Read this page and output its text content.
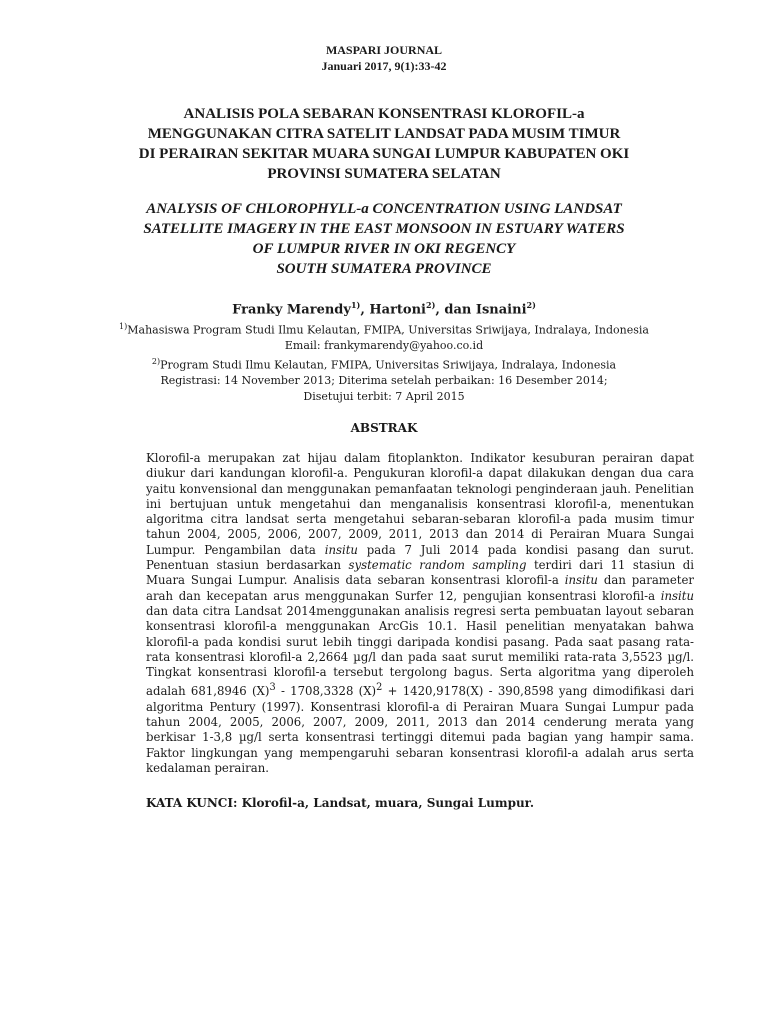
MASPARI JOURNAL
Januari 2017, 9(1):33-42
ANALISIS POLA SEBARAN KONSENTRASI KLOROFIL-a
MENGGUNAKAN CITRA SATELIT LANDSAT PADA MUSIM TIMUR
DI PERAIRAN SEKITAR MUARA SUNGAI LUMPUR KABUPATEN OKI
PROVINSI SUMATERA SELATAN
ANALYSIS OF CHLOROPHYLL-a CONCENTRATION USING LANDSAT
SATELLITE IMAGERY IN THE EAST MONSOON IN ESTUARY WATERS
OF LUMPUR RIVER IN OKI REGENCY
SOUTH SUMATERA PROVINCE
Franky Marendy$^{1)}$, Hartoni$^{2)}$, dan Isnaini$^{2)}$
$^{1)}$Mahasiswa Program Studi Ilmu Kelautan, FMIPA, Universitas Sriwijaya, Indralaya, Indonesia
Email: frankymarendy@yahoo.co.id
$^{2)}$Program Studi Ilmu Kelautan, FMIPA, Universitas Sriwijaya, Indralaya, Indonesia
Registrasi: 14 November 2013; Diterima setelah perbaikan: 16 Desember 2014;
Disetujui terbit: 7 April 2015
ABSTRAK

Klorofil-a merupakan zat hijau dalam fitoplankton. Indikator kesuburan perairan dapat diukur dari kandungan klorofil-a. Pengukuran klorofil-a dapat dilakukan dengan dua cara yaitu konvensional dan menggunakan pemanfaatan teknologi penginderaan jauh. Penelitian ini bertujuan untuk mengetahui dan menganalisis konsentrasi klorofil-a, menentukan algoritma citra landsat serta mengetahui sebaran-sebaran klorofil-a pada musim timur tahun 2004, 2005, 2006, 2007, 2009, 2011, 2013 dan 2014 di Perairan Muara Sungai Lumpur. Pengambilan data insitu pada 7 Juli 2014 pada kondisi pasang dan surut. Penentuan stasiun berdasarkan systematic random sampling terdiri dari 11 stasiun di Muara Sungai Lumpur. Analisis data sebaran konsentrasi klorofil-a insitu dan parameter arah dan kecepatan arus menggunakan Surfer 12, pengujian konsentrasi klorofil-a insitu dan data citra Landsat 2014menggunakan analisis regresi serta pembuatan layout sebaran konsentrasi klorofil-a menggunakan ArcGis 10.1. Hasil penelitian menyatakan bahwa klorofil-a pada kondisi surut lebih tinggi daripada kondisi pasang. Pada saat pasang rata-rata konsentrasi klorofil-a 2,2664 µg/l dan pada saat surut memiliki rata-rata 3,5523 µg/l. Tingkat konsentrasi klorofil-a tersebut tergolong bagus. Serta algoritma yang diperoleh adalah 681,8946 $(X)^3 - 1708,3328$ $(X)^2 + 1420,9178(X) - 390,8598$ yang dimodifikasi dari algoritma Pentury (1997). Konsentrasi klorofil-a di Perairan Muara Sungai Lumpur pada tahun 2004, 2005, 2006, 2007, 2009, 2011, 2013 dan 2014 cenderung merata yang berkisar 1-3,8 µg/l serta konsentrasi tertinggi ditemui pada bagian yang hampir sama. Faktor lingkungan yang mempengaruhi sebaran konsentrasi klorofil-a adalah arus serta kedalaman perairan.

KATA KUNCI: Klorofil-a, Landsat, muara, Sungai Lumpur.
